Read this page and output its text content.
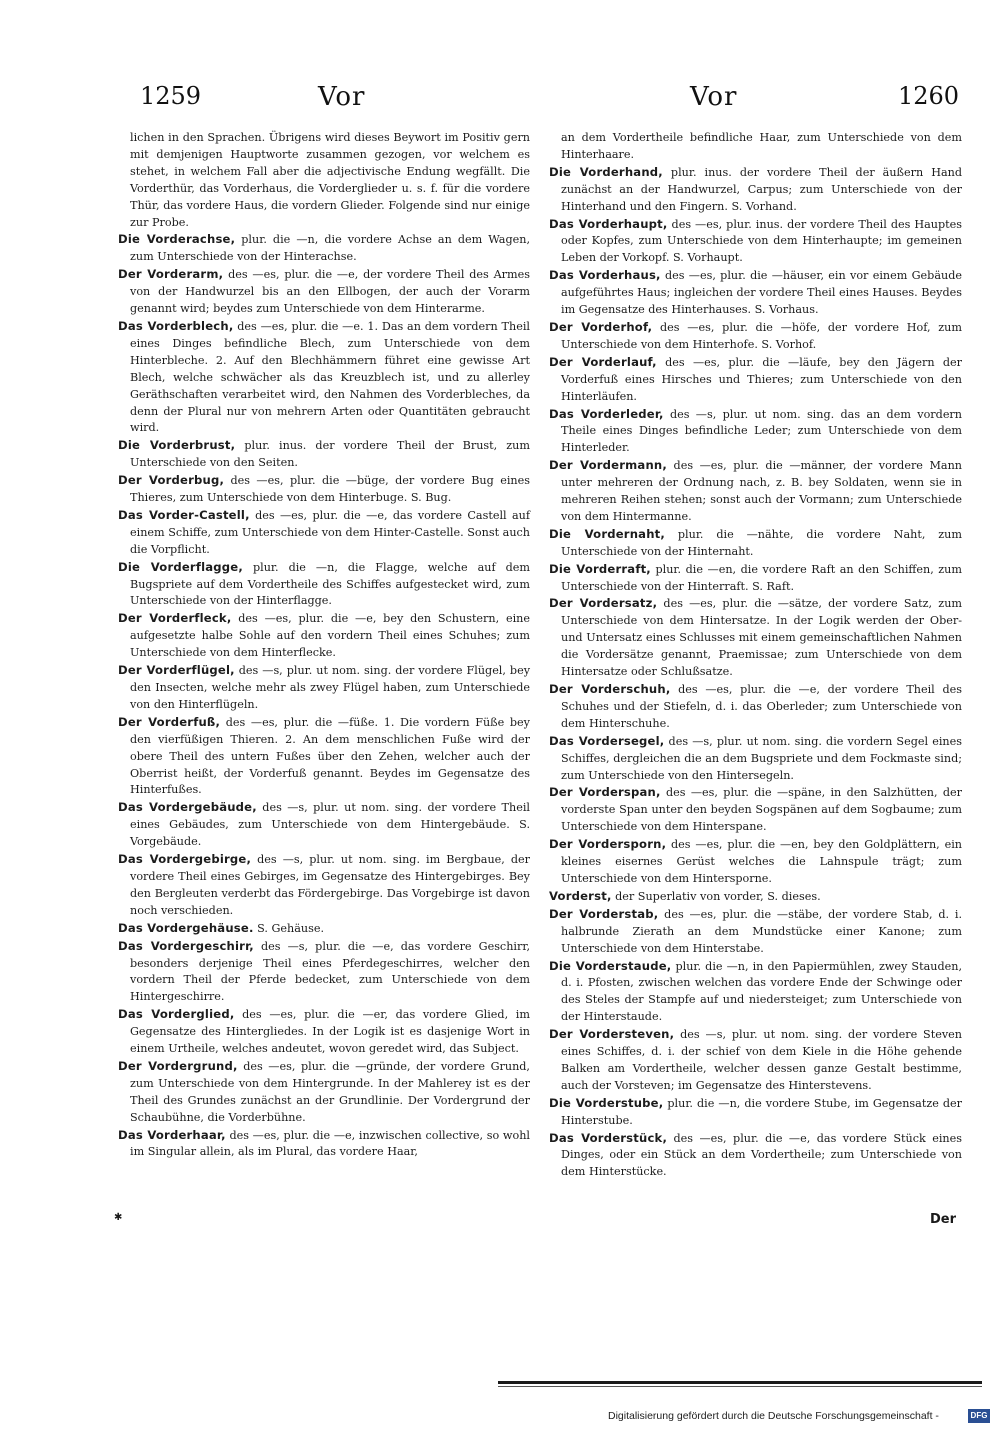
1259	Vor	Vor	1260

lichen in den Sprachen. Übrigens wird dieses Beywort im Positiv gern mit demjenigen Hauptworte zusammen gezogen, vor welchem es stehet, in welchem Fall aber die adjectivische Endung wegfällt. Die Vorderthür, das Vorderhaus, die Vorderglieder u. s. f. für die vordere Thür, das vordere Haus, die vordern Glieder. Folgende sind nur einige zur Probe.

Die Vorderachse, plur. die —n, die vordere Achse an dem Wagen, zum Unterschiede von der Hinterachse.

Der Vorderarm, des —es, plur. die —e, der vordere Theil des Armes von der Handwurzel bis an den Ellbogen, der auch der Vorarm genannt wird; beydes zum Unterschiede von dem Hinterarme.

Das Vorderblech, des —es, plur. die —e. 1. Das an dem vordern Theil eines Dinges befindliche Blech, zum Unterschiede von dem Hinterbleche. 2. Auf den Blechhämmern führet eine gewisse Art Blech, welche schwächer als das Kreuzblech ist, und zu allerley Geräthschaften verarbeitet wird, den Nahmen des Vorderbleches, da denn der Plural nur von mehrern Arten oder Quantitäten gebraucht wird.

Die Vorderbrust, plur. inus. der vordere Theil der Brust, zum Unterschiede von den Seiten.

Der Vorderbug, des —es, plur. die —büge, der vordere Bug eines Thieres, zum Unterschiede von dem Hinterbuge. S. Bug.

Das Vorder-Castell, des —es, plur. die —e, das vordere Castell auf einem Schiffe, zum Unterschiede von dem Hinter-Castelle. Sonst auch die Vorpflicht.

Die Vorderflagge, plur. die —n, die Flagge, welche auf dem Bugspriete auf dem Vordertheile des Schiffes aufgestecket wird, zum Unterschiede von der Hinterflagge.

Der Vorderfleck, des —es, plur. die —e, bey den Schustern, eine aufgesetzte halbe Sohle auf den vordern Theil eines Schuhes; zum Unterschiede von dem Hinterflecke.

Der Vorderflügel, des —s, plur. ut nom. sing. der vordere Flügel, bey den Insecten, welche mehr als zwey Flügel haben, zum Unterschiede von den Hinterflügeln.

Der Vorderfuß, des —es, plur. die —füße. 1. Die vordern Füße bey den vierfüßigen Thieren. 2. An dem menschlichen Fuße wird der obere Theil des untern Fußes über den Zehen, welcher auch der Oberrist heißt, der Vorderfuß genannt. Beydes im Gegensatze des Hinterfußes.

Das Vordergebäude, des —s, plur. ut nom. sing. der vordere Theil eines Gebäudes, zum Unterschiede von dem Hintergebäude. S. Vorgebäude.

Das Vordergebirge, des —s, plur. ut nom. sing. im Bergbaue, der vordere Theil eines Gebirges, im Gegensatze des Hintergebirges. Bey den Bergleuten verderbt das Fördergebirge. Das Vorgebirge ist davon noch verschieden.

Das Vordergehäuse. S. Gehäuse.

Das Vordergeschirr, des —s, plur. die —e, das vordere Geschirr, besonders derjenige Theil eines Pferdegeschirres, welcher den vordern Theil der Pferde bedecket, zum Unterschiede von dem Hintergeschirre.

Das Vorderglied, des —es, plur. die —er, das vordere Glied, im Gegensatze des Hintergliedes. In der Logik ist es dasjenige Wort in einem Urtheile, welches andeutet, wovon geredet wird, das Subject.

Der Vordergrund, des —es, plur. die —gründe, der vordere Grund, zum Unterschiede von dem Hintergrunde. In der Mahlerey ist es der Theil des Grundes zunächst an der Grundlinie. Der Vordergrund der Schaubühne, die Vorderbühne.

Das Vorderhaar, des —es, plur. die —e, inzwischen collective, so wohl im Singular allein, als im Plural, das vordere Haar,

an dem Vordertheile befindliche Haar, zum Unterschiede von dem Hinterhaare.

Die Vorderhand, plur. inus. der vordere Theil der äußern Hand zunächst an der Handwurzel, Carpus; zum Unterschiede von der Hinterhand und den Fingern. S. Vorhand.

Das Vorderhaupt, des —es, plur. inus. der vordere Theil des Hauptes oder Kopfes, zum Unterschiede von dem Hinterhaupte; im gemeinen Leben der Vorkopf. S. Vorhaupt.

Das Vorderhaus, des —es, plur. die —häuser, ein vor einem Gebäude aufgeführtes Haus; ingleichen der vordere Theil eines Hauses. Beydes im Gegensatze des Hinterhauses. S. Vorhaus.

Der Vorderhof, des —es, plur. die —höfe, der vordere Hof, zum Unterschiede von dem Hinterhofe. S. Vorhof.

Der Vorderlauf, des —es, plur. die —läufe, bey den Jägern der Vorderfuß eines Hirsches und Thieres; zum Unterschiede von den Hinterläufen.

Das Vorderleder, des —s, plur. ut nom. sing. das an dem vordern Theile eines Dinges befindliche Leder; zum Unterschiede von dem Hinterleder.

Der Vordermann, des —es, plur. die —männer, der vordere Mann unter mehreren der Ordnung nach, z. B. bey Soldaten, wenn sie in mehreren Reihen stehen; sonst auch der Vormann; zum Unterschiede von dem Hintermanne.

Die Vordernaht, plur. die —nähte, die vordere Naht, zum Unterschiede von der Hinternaht.

Die Vorderraft, plur. die —en, die vordere Raft an den Schiffen, zum Unterschiede von der Hinterraft. S. Raft.

Der Vordersatz, des —es, plur. die —sätze, der vordere Satz, zum Unterschiede von dem Hintersatze. In der Logik werden der Ober- und Untersatz eines Schlusses mit einem gemeinschaftlichen Nahmen die Vordersätze genannt, Praemissae; zum Unterschiede von dem Hintersatze oder Schlußsatze.

Der Vorderschuh, des —es, plur. die —e, der vordere Theil des Schuhes und der Stiefeln, d. i. das Oberleder; zum Unterschiede von dem Hinterschuhe.

Das Vordersegel, des —s, plur. ut nom. sing. die vordern Segel eines Schiffes, dergleichen die an dem Bugspriete und dem Fockmaste sind; zum Unterschiede von den Hintersegeln.

Der Vorderspan, des —es, plur. die —späne, in den Salzhütten, der vorderste Span unter den beyden Sogspänen auf dem Sogbaume; zum Unterschiede von dem Hinterspane.

Der Vordersporn, des —es, plur. die —en, bey den Goldplättern, ein kleines eisernes Gerüst welches die Lahnspule trägt; zum Unterschiede von dem Hintersporne.

Vorderst, der Superlativ von vorder, S. dieses.

Der Vorderstab, des —es, plur. die —stäbe, der vordere Stab, d. i. halbrunde Zierath an dem Mundstücke einer Kanone; zum Unterschiede von dem Hinterstabe.

Die Vorderstaude, plur. die —n, in den Papiermühlen, zwey Stauden, d. i. Pfosten, zwischen welchen das vordere Ende der Schwinge oder des Steles der Stampfe auf und niedersteiget; zum Unterschiede von der Hinterstaude.

Der Vordersteven, des —s, plur. ut nom. sing. der vordere Steven eines Schiffes, d. i. der schief von dem Kiele in die Höhe gehende Balken am Vordertheile, welcher dessen ganze Gestalt bestimme, auch der Vorsteven; im Gegensatze des Hinterstevens.

Die Vorderstube, plur. die —n, die vordere Stube, im Gegensatze der Hinterstube.

Das Vorderstück, des —es, plur. die —e, das vordere Stück eines Dinges, oder ein Stück an dem Vordertheile; zum Unterschiede von dem Hinterstücke.

✱	Der
Digitalisierung gefördert durch die Deutsche Forschungsgemeinschaft -	DFG
